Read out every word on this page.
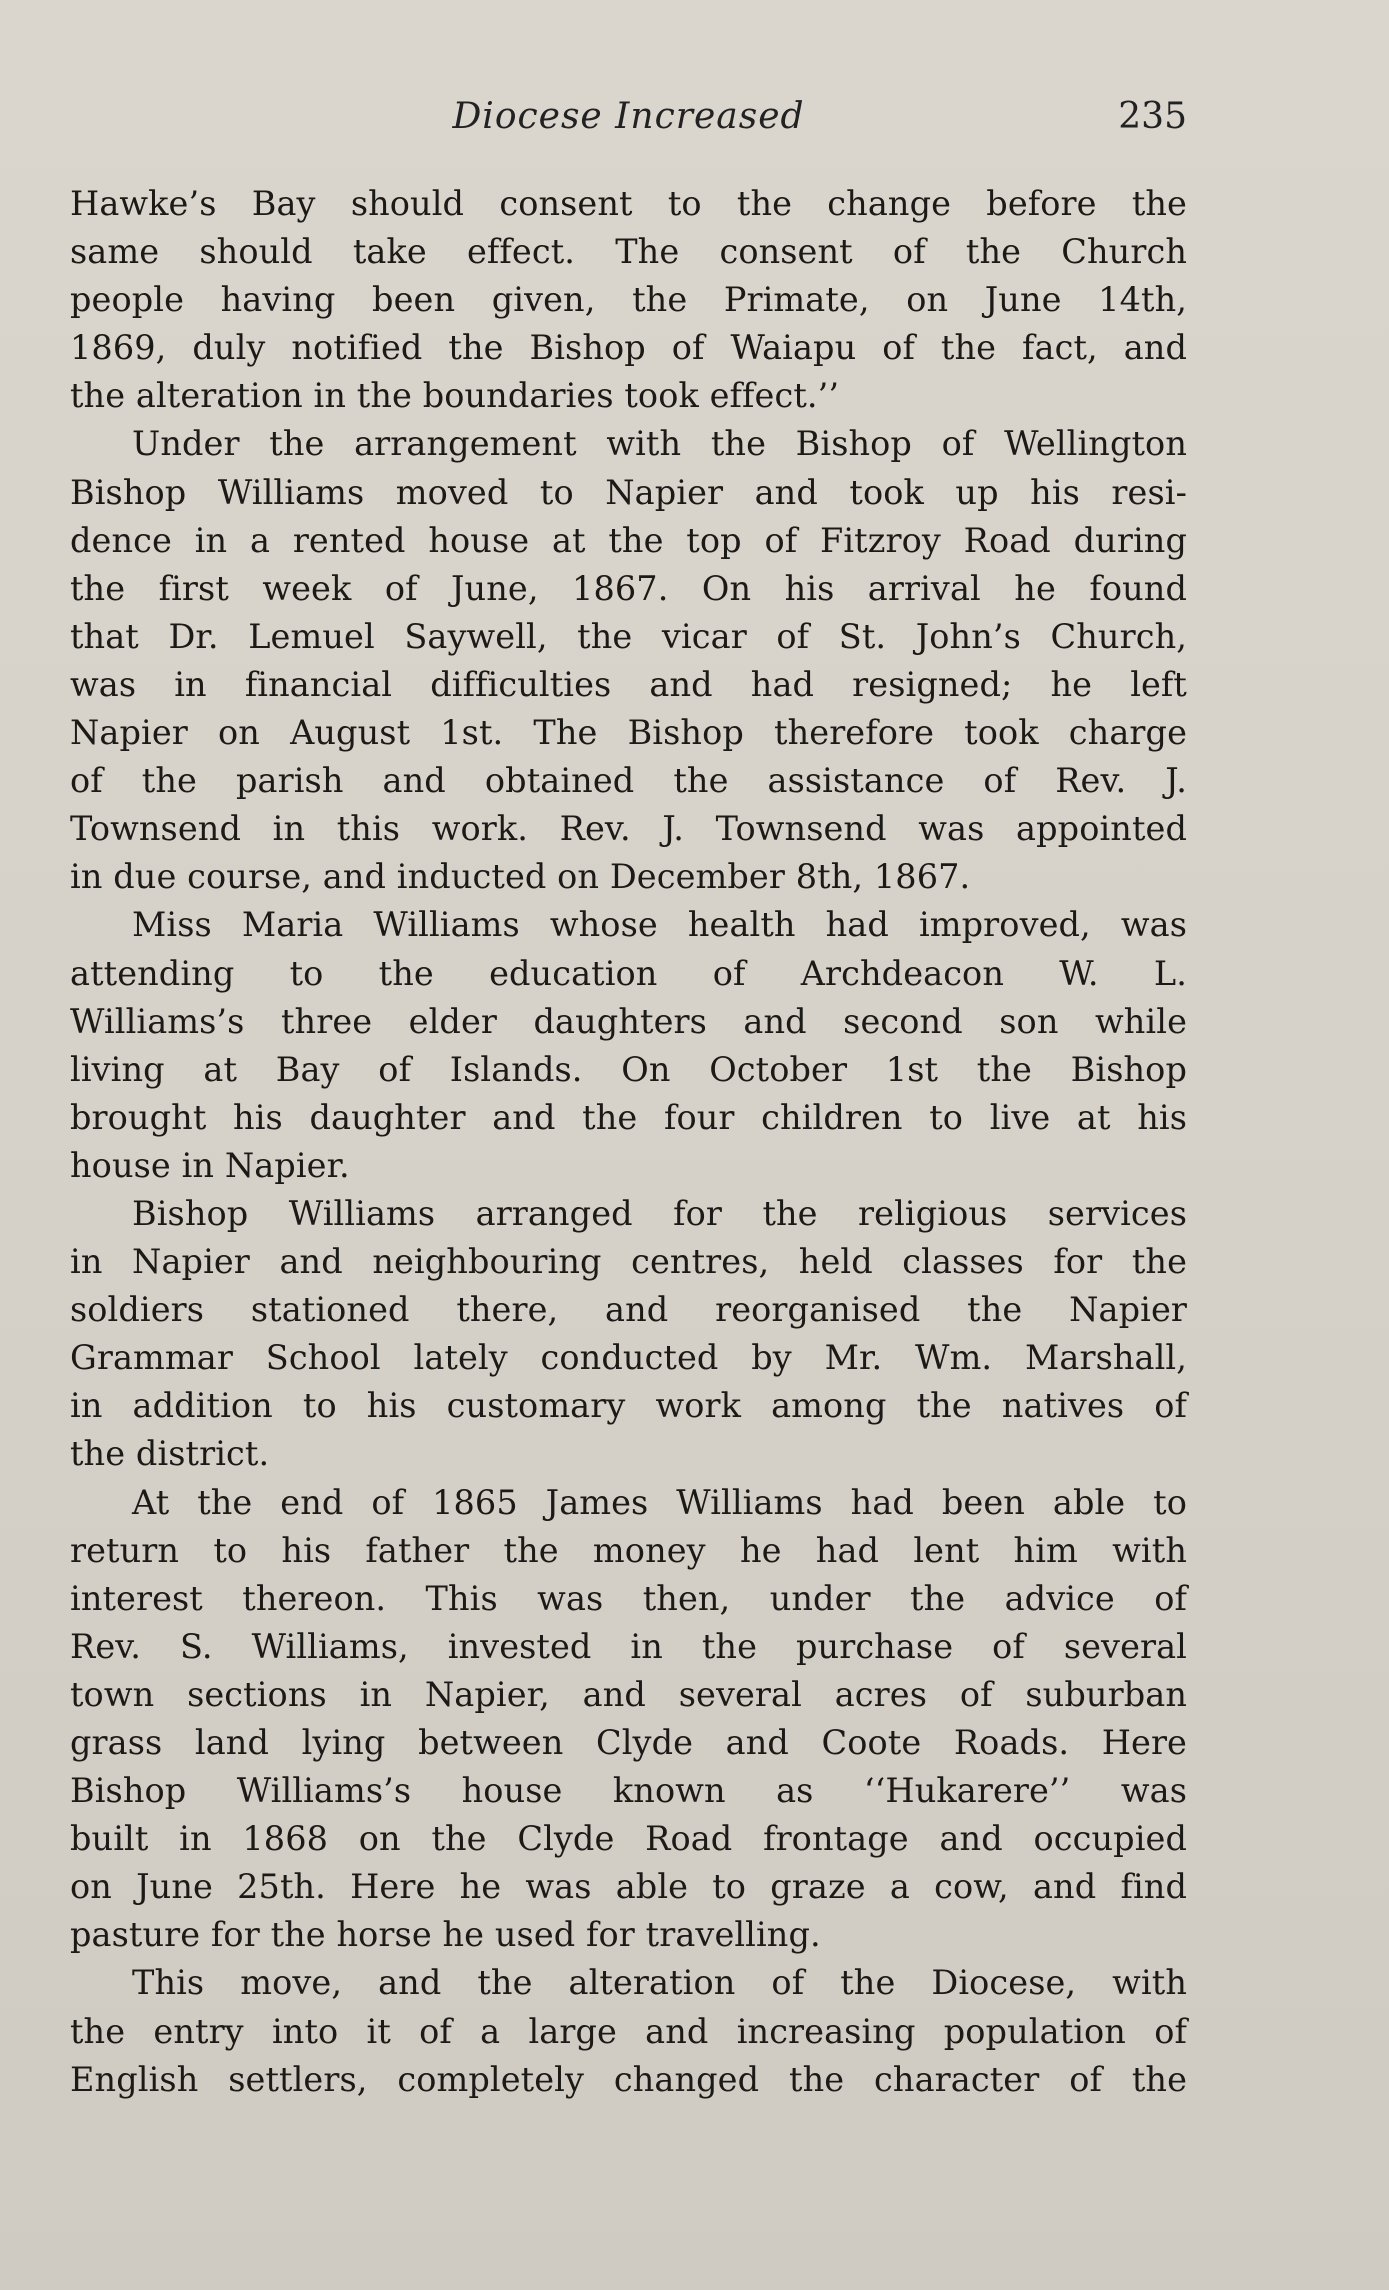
Diocese Increased	235
Hawke’s Bay should consent to the change before the
same should take effect. The consent of the Church
people having been given, the Primate, on June 14th,
1869, duly notified the Bishop of Waiapu of the fact, and
the alteration in the boundaries took effect.’’
Under the arrangement with the Bishop of Wellington
Bishop Williams moved to Napier and took up his resi-
dence in a rented house at the top of Fitzroy Road during
the first week of June, 1867. On his arrival he found
that Dr. Lemuel Saywell, the vicar of St. John’s Church,
was in financial difficulties and had resigned; he left
Napier on August 1st. The Bishop therefore took charge
of the parish and obtained the assistance of Rev. J.
Townsend in this work. Rev. J. Townsend was appointed
in due course, and inducted on December 8th, 1867.
Miss Maria Williams whose health had improved, was
attending to the education of Archdeacon W. L.
Williams’s three elder daughters and second son while
living at Bay of Islands. On October 1st the Bishop
brought his daughter and the four children to live at his
house in Napier.
Bishop Williams arranged for the religious services
in Napier and neighbouring centres, held classes for the
soldiers stationed there, and reorganised the Napier
Grammar School lately conducted by Mr. Wm. Marshall,
in addition to his customary work among the natives of
the district.
At the end of 1865 James Williams had been able to
return to his father the money he had lent him with
interest thereon. This was then, under the advice of
Rev. S. Williams, invested in the purchase of several
town sections in Napier, and several acres of suburban
grass land lying between Clyde and Coote Roads. Here
Bishop Williams’s house known as ‘‘Hukarere’’ was
built in 1868 on the Clyde Road frontage and occupied
on June 25th. Here he was able to graze a cow, and find
pasture for the horse he used for travelling.
This move, and the alteration of the Diocese, with
the entry into it of a large and increasing population of
English settlers, completely changed the character of the
